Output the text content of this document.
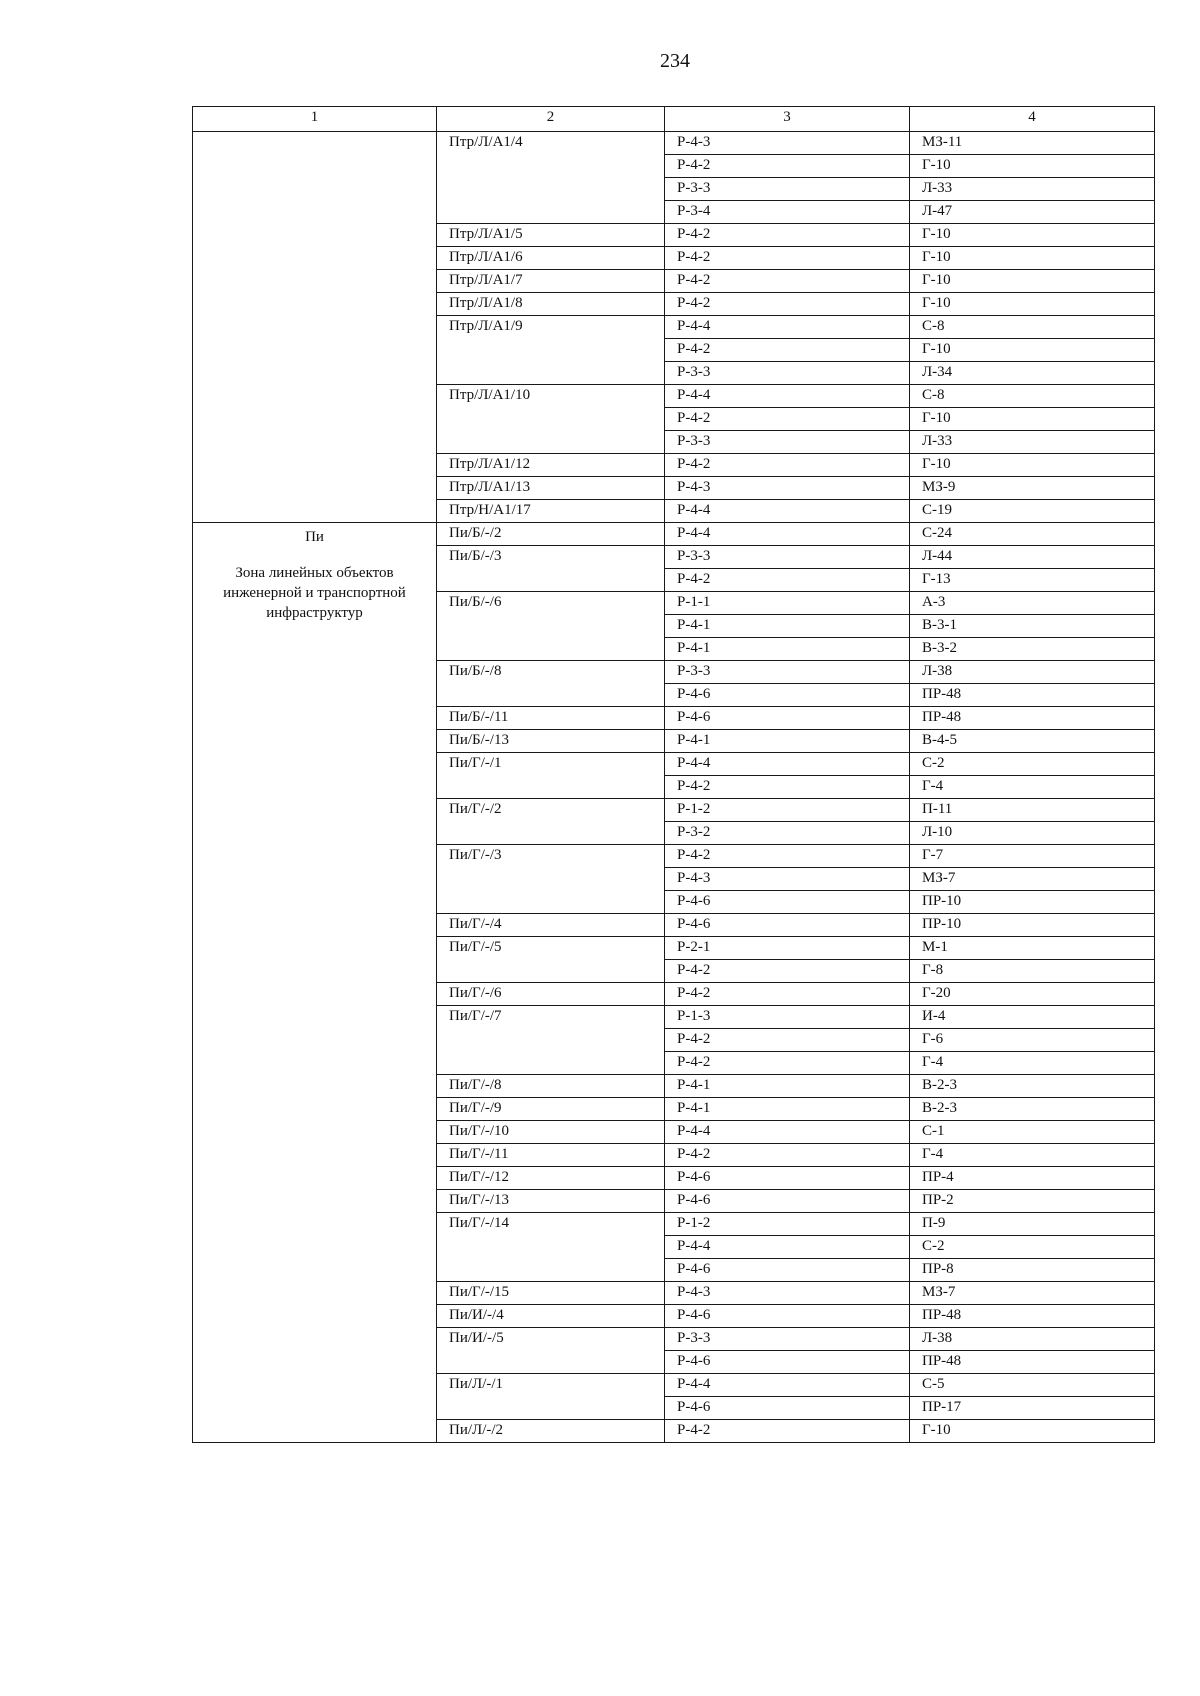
234
1	2	3	4

	Птр/Л/А1/4	Р-4-3	МЗ-11
		Р-4-2	Г-10
		Р-3-3	Л-33
		Р-3-4	Л-47
	Птр/Л/А1/5	Р-4-2	Г-10
	Птр/Л/А1/6	Р-4-2	Г-10
	Птр/Л/А1/7	Р-4-2	Г-10
	Птр/Л/А1/8	Р-4-2	Г-10
	Птр/Л/А1/9	Р-4-4	С-8
		Р-4-2	Г-10
		Р-3-3	Л-34
	Птр/Л/А1/10	Р-4-4	С-8
		Р-4-2	Г-10
		Р-3-3	Л-33
	Птр/Л/А1/12	Р-4-2	Г-10
	Птр/Л/А1/13	Р-4-3	МЗ-9
	Птр/Н/А1/17	Р-4-4	С-19

Пи
Зона линейных объектов инженерной и транспортной инфраструктур	Пи/Б/-/2	Р-4-4	С-24
	Пи/Б/-/3	Р-3-3	Л-44
		Р-4-2	Г-13
	Пи/Б/-/6	Р-1-1	А-3
		Р-4-1	В-3-1
		Р-4-1	В-3-2
	Пи/Б/-/8	Р-3-3	Л-38
		Р-4-6	ПР-48
	Пи/Б/-/11	Р-4-6	ПР-48
	Пи/Б/-/13	Р-4-1	В-4-5
	Пи/Г/-/1	Р-4-4	С-2
		Р-4-2	Г-4
	Пи/Г/-/2	Р-1-2	П-11
		Р-3-2	Л-10
	Пи/Г/-/3	Р-4-2	Г-7
		Р-4-3	МЗ-7
		Р-4-6	ПР-10
	Пи/Г/-/4	Р-4-6	ПР-10
	Пи/Г/-/5	Р-2-1	М-1
		Р-4-2	Г-8
	Пи/Г/-/6	Р-4-2	Г-20
	Пи/Г/-/7	Р-1-3	И-4
		Р-4-2	Г-6
		Р-4-2	Г-4
	Пи/Г/-/8	Р-4-1	В-2-3
	Пи/Г/-/9	Р-4-1	В-2-3
	Пи/Г/-/10	Р-4-4	С-1
	Пи/Г/-/11	Р-4-2	Г-4
	Пи/Г/-/12	Р-4-6	ПР-4
	Пи/Г/-/13	Р-4-6	ПР-2
	Пи/Г/-/14	Р-1-2	П-9
		Р-4-4	С-2
		Р-4-6	ПР-8
	Пи/Г/-/15	Р-4-3	МЗ-7
	Пи/И/-/4	Р-4-6	ПР-48
	Пи/И/-/5	Р-3-3	Л-38
		Р-4-6	ПР-48
	Пи/Л/-/1	Р-4-4	С-5
		Р-4-6	ПР-17
	Пи/Л/-/2	Р-4-2	Г-10
